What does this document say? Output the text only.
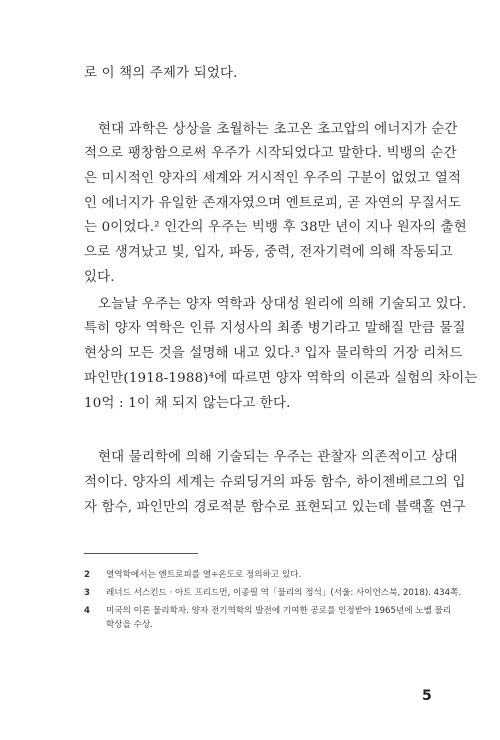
로 이 책의 주제가 되었다.
현대 과학은 상상을 초월하는 초고온 초고압의 에너지가 순간
적으로 팽창함으로써 우주가 시작되었다고 말한다. 빅뱅의 순간
은 미시적인 양자의 세계와 거시적인 우주의 구분이 없었고 열적
인 에너지가 유일한 존재자였으며 엔트로피, 곧 자연의 무질서도
는 0이었다.² 인간의 우주는 빅뱅 후 38만 년이 지나 원자의 출현
으로 생겨났고 빛, 입자, 파동, 중력, 전자기력에 의해 작동되고
있다.
오늘날 우주는 양자 역학과 상대성 원리에 의해 기술되고 있다.
특히 양자 역학은 인류 지성사의 최종 병기라고 말해질 만큼 물질
현상의 모든 것을 설명해 내고 있다.³ 입자 물리학의 거장 리처드
파인만(1918-1988)⁴에 따르면 양자 역학의 이론과 실험의 차이는
10억 : 1이 채 되지 않는다고 한다.
현대 물리학에 의해 기술되는 우주는 관찰자 의존적이고 상대
적이다. 양자의 세계는 슈뢰딩거의 파동 함수, 하이젠베르그의 입
자 함수, 파인만의 경로적분 함수로 표현되고 있는데 블랙홀 연구
2 열역학에서는 엔트로피를 열÷온도로 정의하고 있다.
3 레너드 서스킨드 · 아트 프리드먼, 이종필 역「물리의 정석」(서울: 사이언스북, 2018). 434쪽.
4 미국의 이론 물리학자. 양자 전기역학의 발전에 기여한 공로를 인정받아 1965년에 노벨 물리
학상을 수상.
5
